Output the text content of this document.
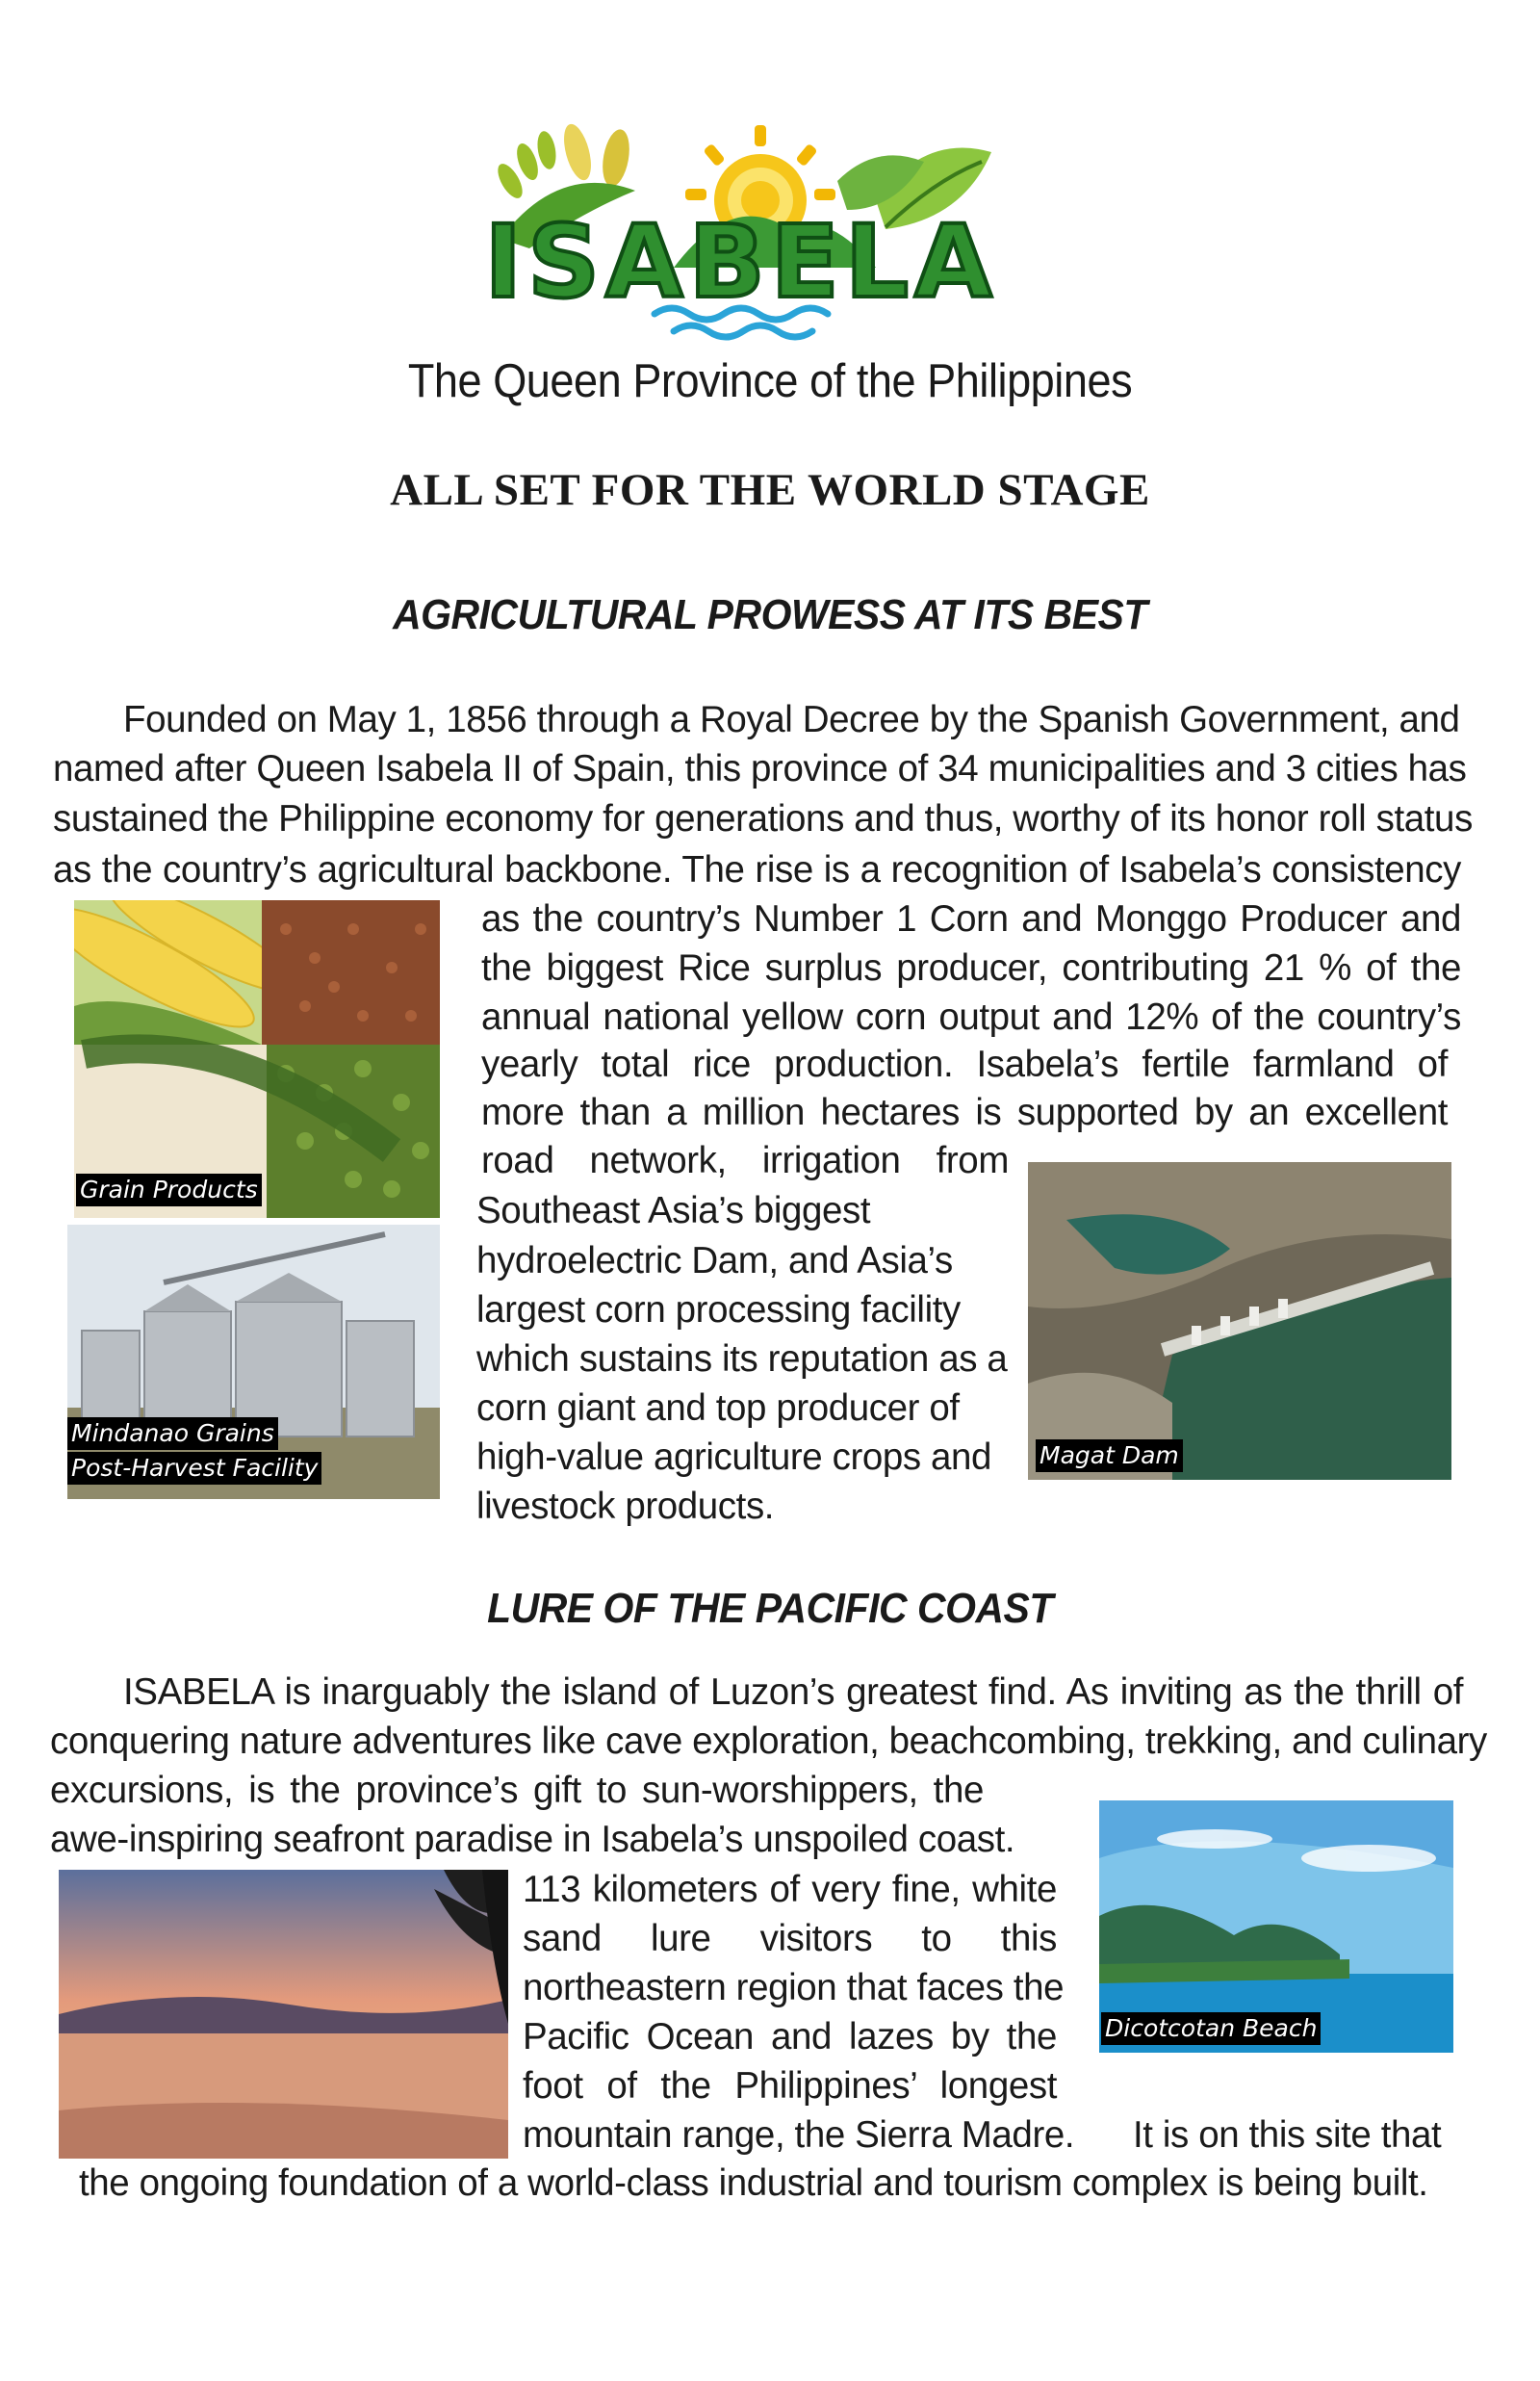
ISABELA
The Queen Province of the Philippines
ALL SET FOR THE WORLD STAGE
AGRICULTURAL PROWESS AT ITS BEST
Founded on May 1, 1856 through a Royal Decree by the Spanish Government, and
named after Queen Isabela II of Spain, this province of 34 municipalities and 3 cities has
sustained the Philippine economy for generations and thus, worthy of its honor roll status
as the country’s agricultural backbone. The rise is a recognition of Isabela’s consistency
as the country’s Number 1 Corn and Monggo Producer and
the biggest Rice surplus producer, contributing 21 % of the
annual national yellow corn output and 12% of the country’s
yearly total rice production. Isabela’s fertile farmland of
more than a million hectares is supported by an excellent
road network, irrigation from
Southeast Asia’s biggest
hydroelectric Dam, and Asia’s
largest corn processing facility
which sustains its reputation as a
corn giant and top producer of
high-value agriculture crops and
livestock products.
Grain Products
Mindanao Grains
Post-Harvest Facility	Magat Dam
LURE OF THE PACIFIC COAST
ISABELA is inarguably the island of Luzon’s greatest find. As inviting as the thrill of
conquering nature adventures like cave exploration, beachcombing, trekking, and culinary
excursions, is the province’s gift to sun-worshippers, the
awe-inspiring seafront paradise in Isabela’s unspoiled coast.
113 kilometers of very fine, white
sand lure visitors to this
northeastern region that faces the
Pacific Ocean and lazes by the
foot of the Philippines’ longest
mountain range, the Sierra Madre. It is on this site that
the ongoing foundation of a world-class industrial and tourism complex is being built.
Dicotcotan Beach
